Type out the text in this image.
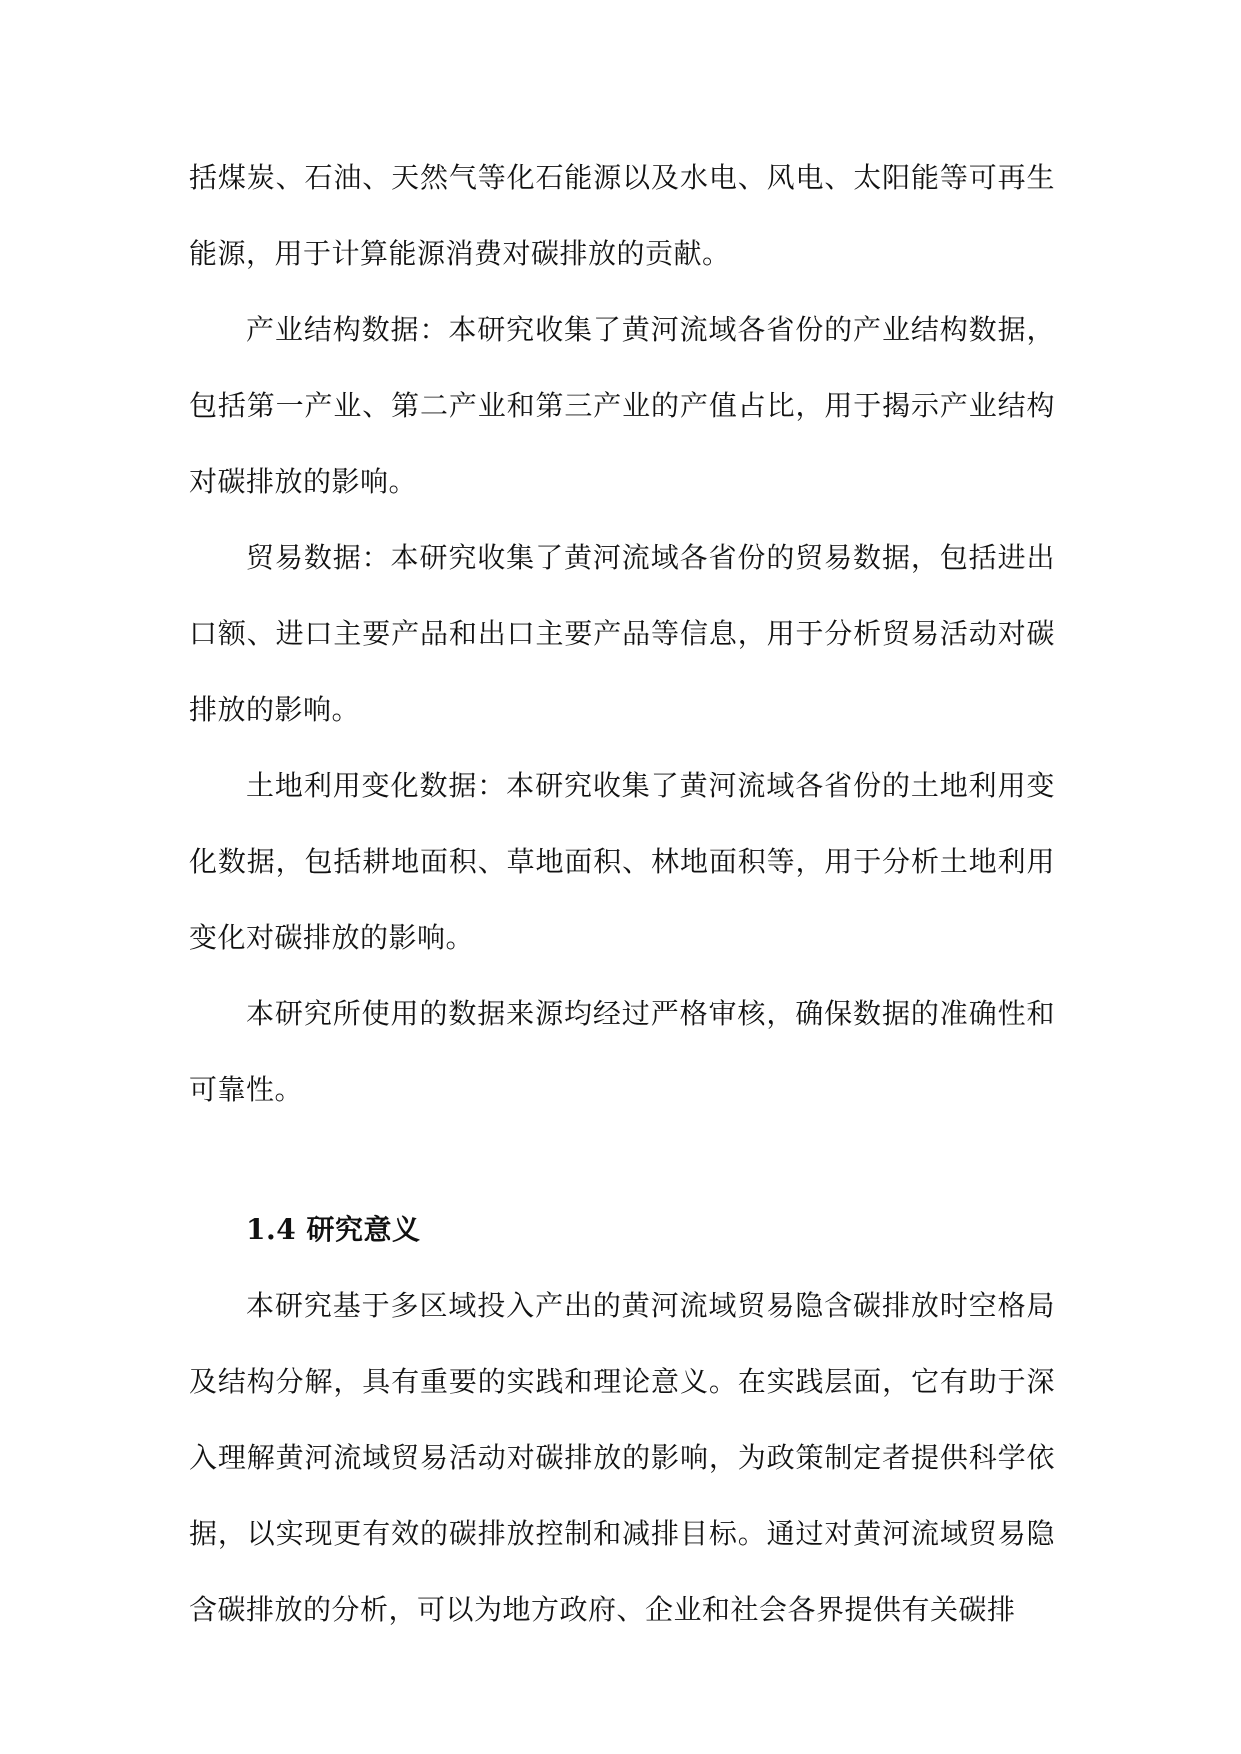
括煤炭、石油、天然气等化石能源以及水电、风电、太阳能等可再生能源，用于计算能源消费对碳排放的贡献。

产业结构数据：本研究收集了黄河流域各省份的产业结构数据，包括第一产业、第二产业和第三产业的产值占比，用于揭示产业结构对碳排放的影响。

贸易数据：本研究收集了黄河流域各省份的贸易数据，包括进出口额、进口主要产品和出口主要产品等信息，用于分析贸易活动对碳排放的影响。

土地利用变化数据：本研究收集了黄河流域各省份的土地利用变化数据，包括耕地面积、草地面积、林地面积等，用于分析土地利用变化对碳排放的影响。

本研究所使用的数据来源均经过严格审核，确保数据的准确性和可靠性。

1.4 研究意义

本研究基于多区域投入产出的黄河流域贸易隐含碳排放时空格局及结构分解，具有重要的实践和理论意义。在实践层面，它有助于深入理解黄河流域贸易活动对碳排放的影响，为政策制定者提供科学依据，以实现更有效的碳排放控制和减排目标。通过对黄河流域贸易隐含碳排放的分析，可以为地方政府、企业和社会各界提供有关碳排
